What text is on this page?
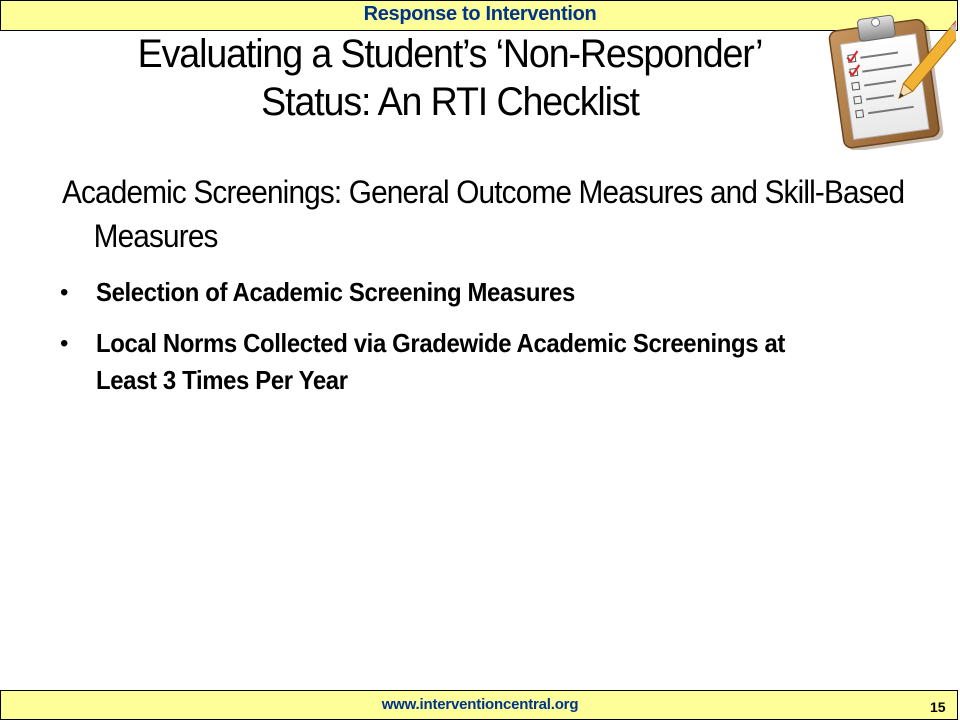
Response to Intervention
Evaluating a Student’s ‘Non-Responder’
Status: An RTI Checklist
Academic Screenings: General Outcome Measures and Skill-Based Measures
• Selection of Academic Screening Measures
• Local Norms Collected via Gradewide Academic Screenings at Least 3 Times Per Year
www.interventioncentral.org	15
